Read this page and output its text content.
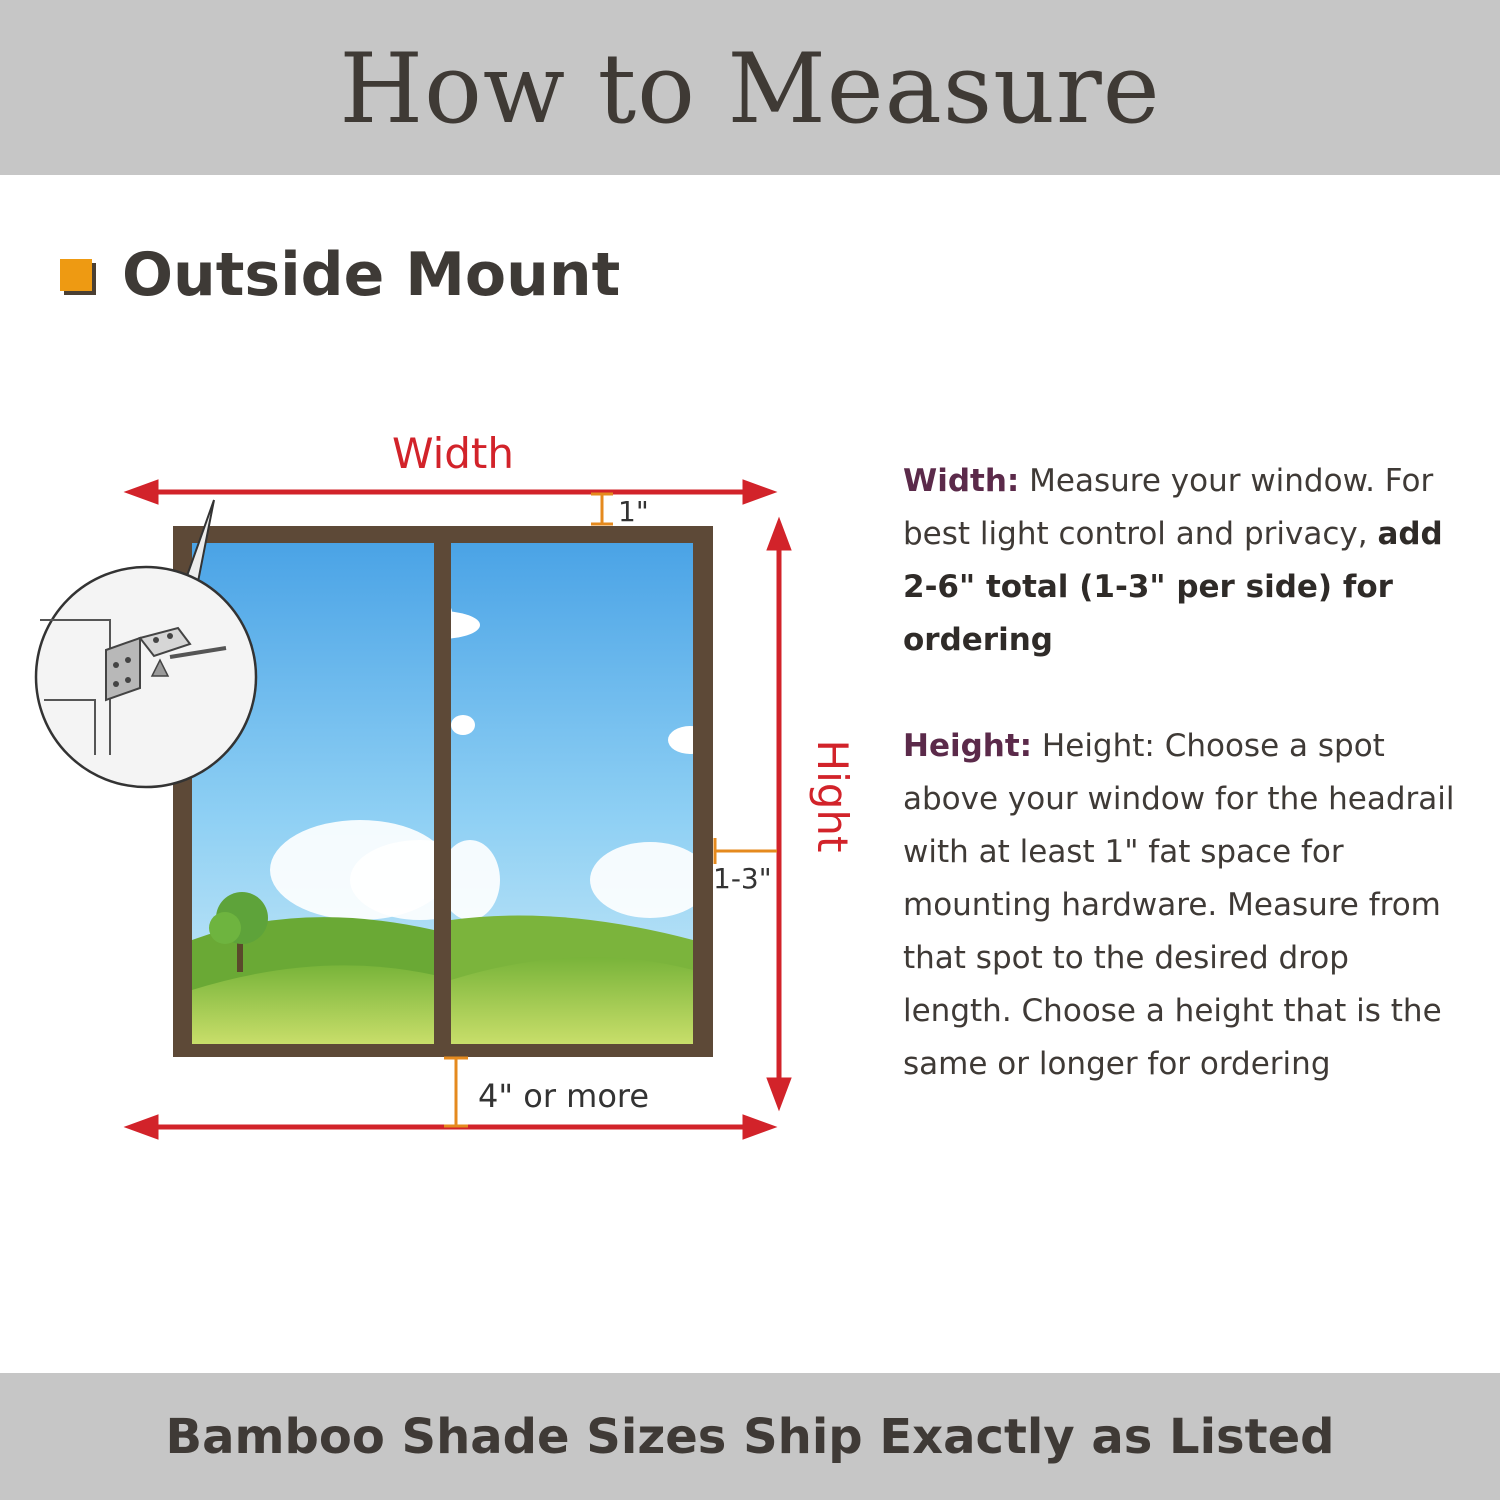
How to Measure
Outside Mount
Width
1"
Hight
1-3"
4" or more

Width: Measure your window. For best light control and privacy, add 2-6" total (1-3" per side) for ordering

Height: Height: Choose a spot above your window for the headrail with at least 1" fat space for mounting hardware. Measure from that spot to the desired drop length. Choose a height that is the same or longer for ordering

Bamboo Shade Sizes Ship Exactly as Listed
